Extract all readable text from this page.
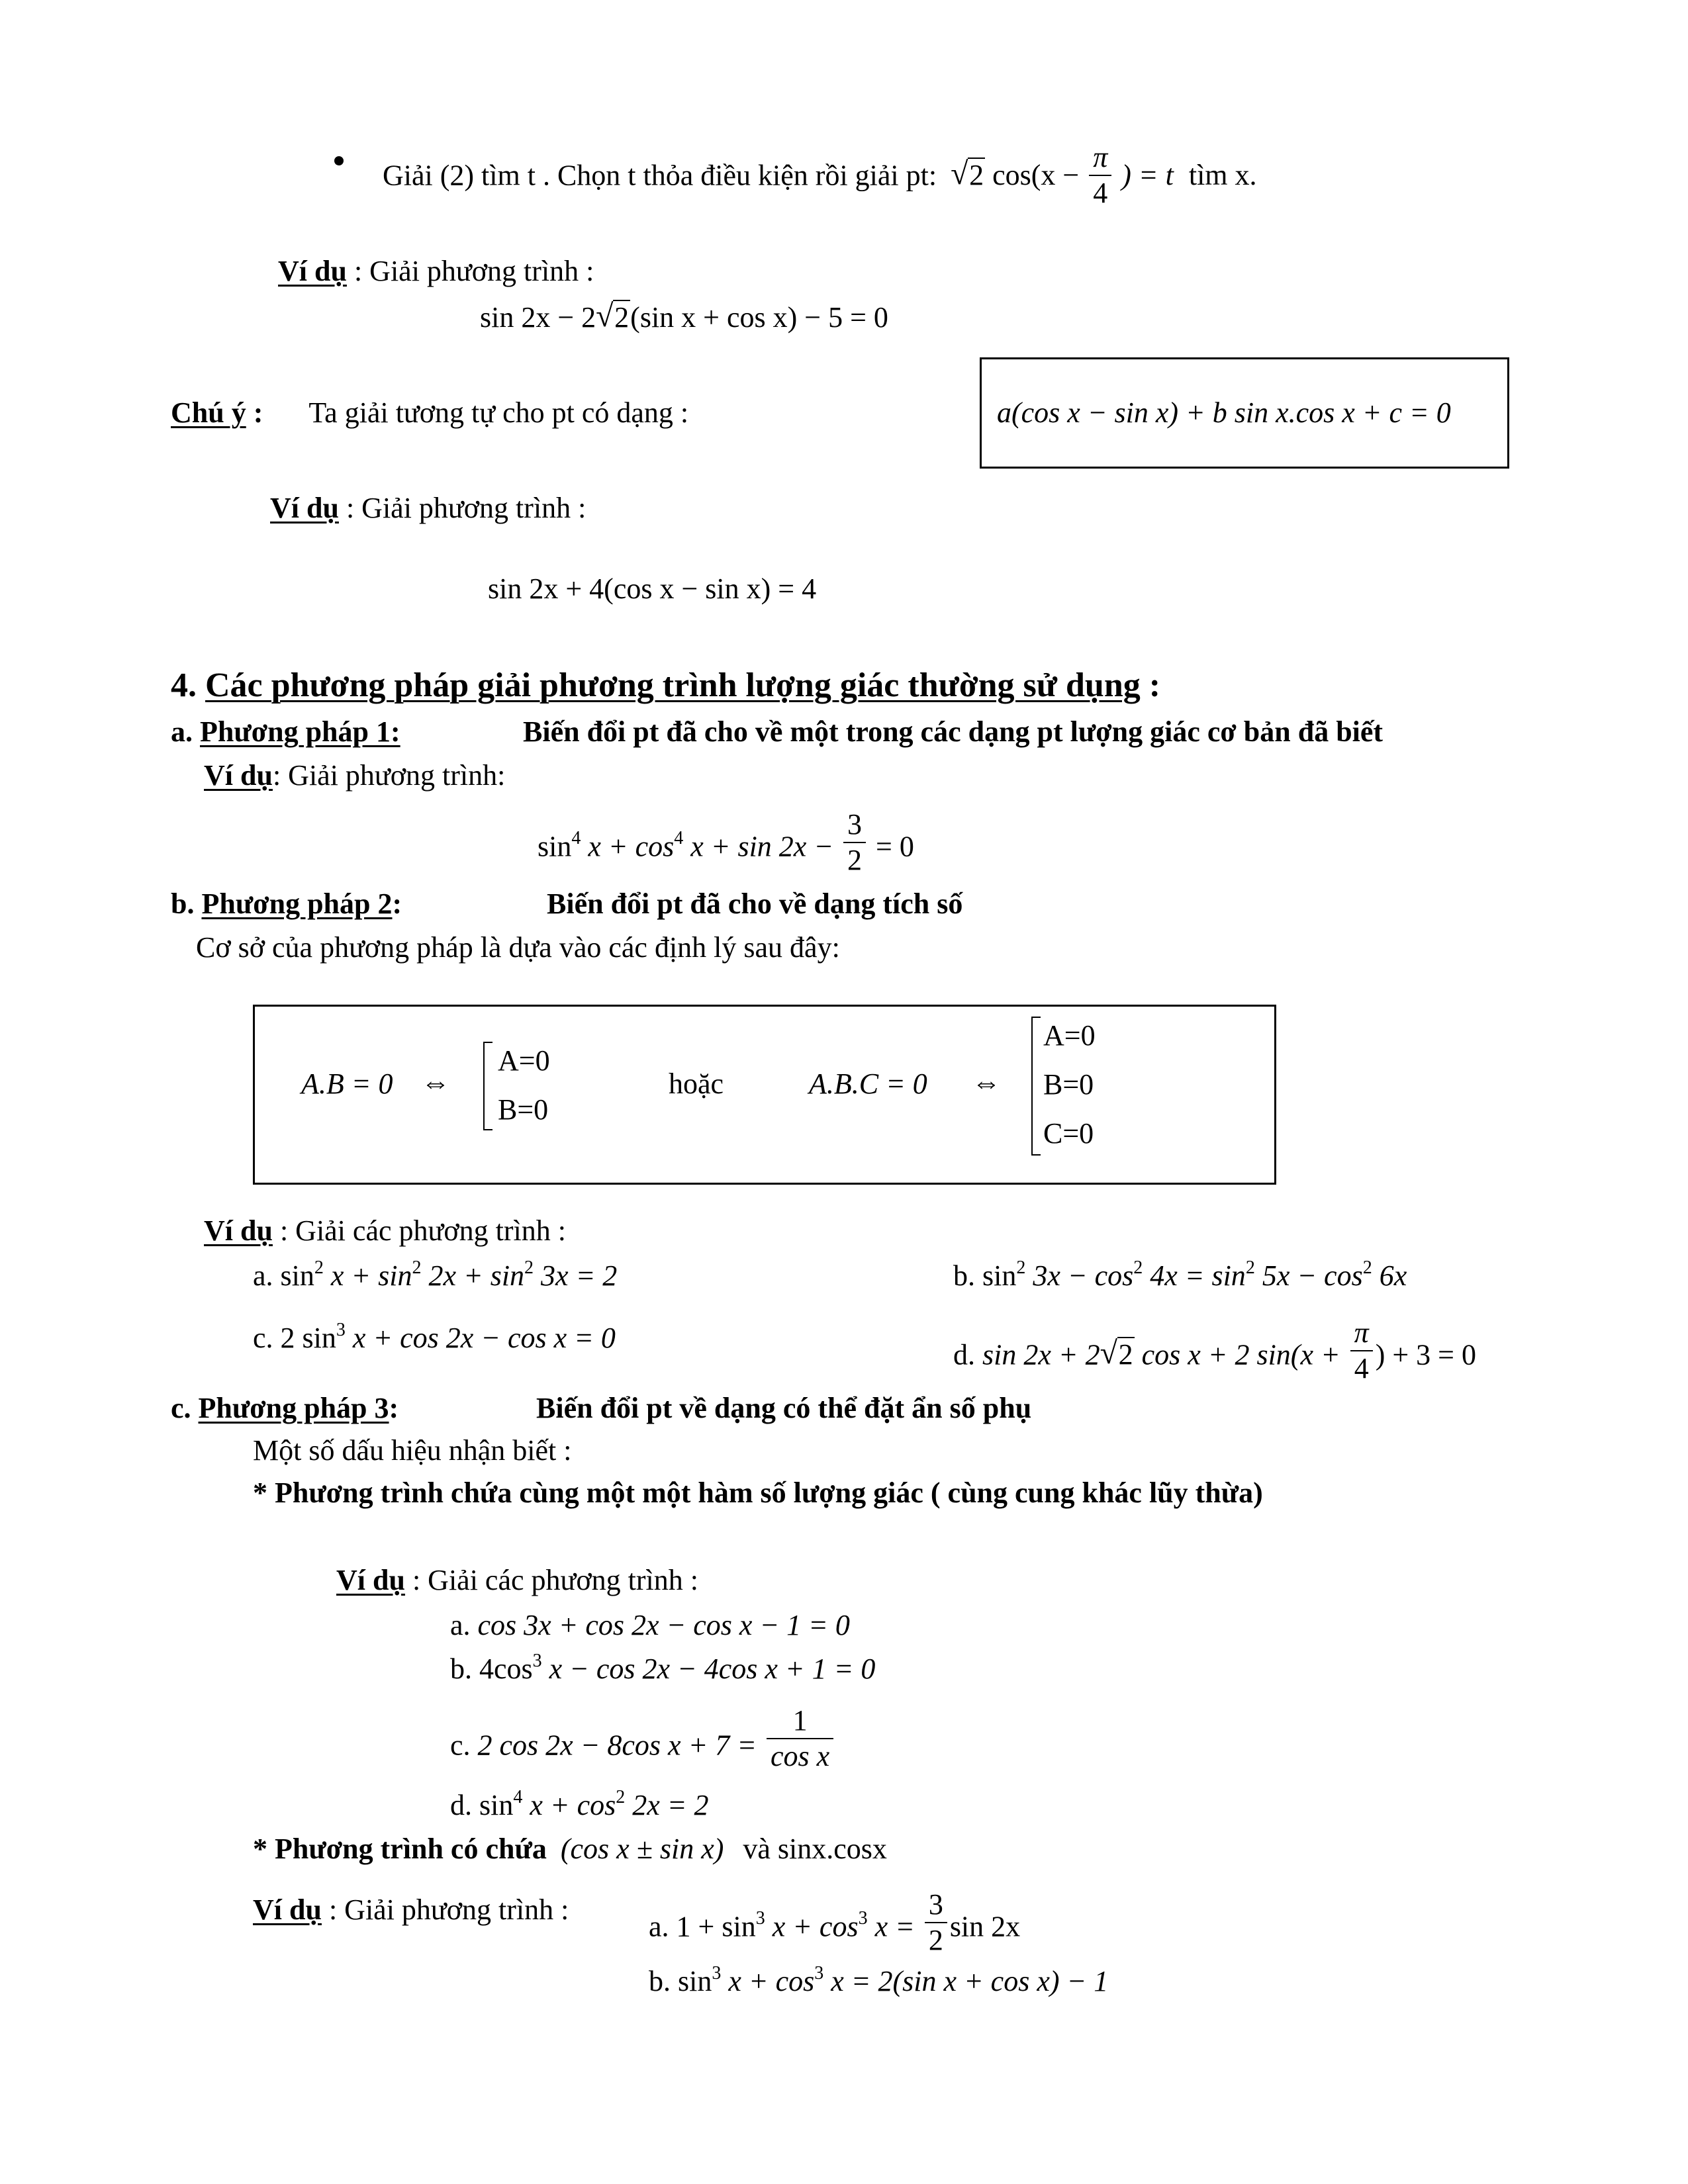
Giải (2) tìm t . Chọn t thỏa điều kiện rồi giải pt: √ 2 $\cos(x - \frac{\pi}{4}$ ) = t tìm x.
Ví dụ : Giải phương trình :
sin 2x − 2 √ 2(sin x + cos x) − 5 = 0
Chú ý : Ta giải tương tự cho pt có dạng :	a(cos x − sin x) + b sin x.cos x + c = 0
Ví dụ : Giải phương trình :
sin 2x + 4(cos x − sin x) = 4
4. Các phương pháp giải phương trình lượng giác thường sử dụng :
a. Phương pháp 1:	Biến đổi pt đã cho về một trong các dạng pt lượng giác cơ bản đã biết
Ví dụ: Giải phương trình:
$\sin^4 x + \cos^4 x + \sin 2x - \frac{3}{2} = 0$
b. Phương pháp 2:	Biến đổi pt đã cho về dạng tích số
Cơ sở của phương pháp là dựa vào các định lý sau đây:
A.B = 0 ⇔
A=0
B=0
hoặc	A.B.C = 0 ⇔
A=0
B=0
C=0
Ví dụ : Giải các phương trình :
a. $\sin^2 x + \sin^2 2x + \sin^2 3x = 2$	b. $\sin^2 3x - \cos^2 4x = \sin^2 5x - \cos^2 6x$
c. 2 $\sin^3 x + \cos 2x - \cos x = 0$
d. sin 2x + 2 √ 2 cos x + 2 $\sin(x + \frac{\pi}{4}$ ) + 3 = 0
c. Phương pháp 3:	Biến đổi pt về dạng có thể đặt ẩn số phụ
Một số dấu hiệu nhận biết :
* Phương trình chứa cùng một một hàm số lượng giác ( cùng cung khác lũy thừa)
Ví dụ : Giải các phương trình :
a. cos 3x + cos 2x − cos x − 1 = 0
b. $4\cos^3$ x − cos 2x − 4cos x + 1 = 0
c. 2 cos 2x − 8cos $x + 7 = \frac{1}{\text{cos x}}$
d. $\sin^4 x + \cos^2 2x = 2$
* Phương trình có chứa (cos x ± sin x) và sinx.cosx
Ví dụ : Giải phương trình :
a. $1 + \sin^3 x + \cos^3 x = \frac{3}{2}$ sin 2x
b. $\sin^3 x + \cos^3 x = 2(\sin$ x + cos x) − 1
